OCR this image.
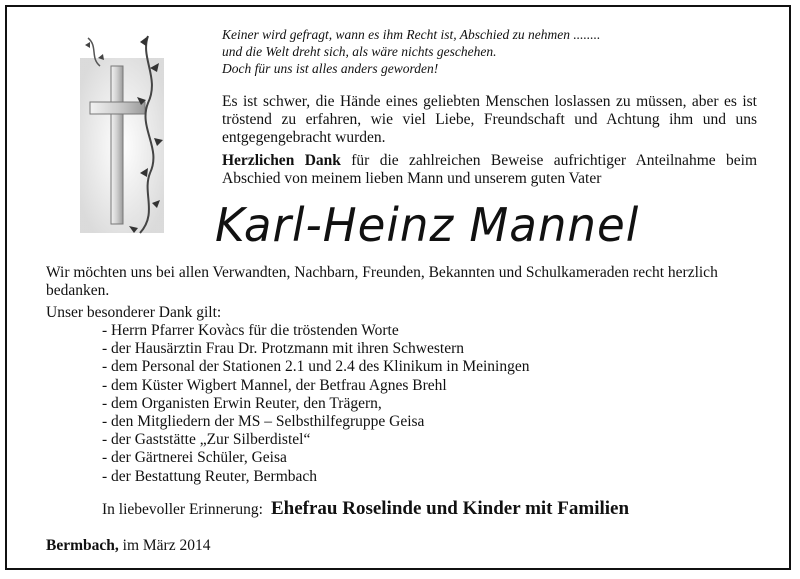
Keiner wird gefragt, wann es ihm Recht ist, Abschied zu nehmen ........
und die Welt dreht sich, als wäre nichts geschehen.
Doch für uns ist alles anders geworden!
Es ist schwer, die Hände eines geliebten Menschen loslassen zu müssen, aber es ist tröstend zu erfahren, wie viel Liebe, Freundschaft und Achtung ihm und uns entgegengebracht wurden.
Herzlichen Dank für die zahlreichen Beweise aufrichtiger Anteilnahme beim Abschied von meinem lieben Mann und unserem guten Vater
Karl-Heinz Mannel
Wir möchten uns bei allen Verwandten, Nachbarn, Freunden, Bekannten und Schulkameraden recht herzlich bedanken.
Unser besonderer Dank gilt:
- Herrn Pfarrer Kovàcs für die tröstenden Worte
- der Hausärztin Frau Dr. Protzmann mit ihren Schwestern
- dem Personal der Stationen 2.1 und 2.4 des Klinikum in Meiningen
- dem Küster Wigbert Mannel, der Betfrau Agnes Brehl
- dem Organisten Erwin Reuter, den Trägern,
- den Mitgliedern der MS – Selbsthilfegruppe Geisa
- der Gaststätte „Zur Silberdistel“
- der Gärtnerei Schüler, Geisa
- der Bestattung Reuter, Bermbach
In liebevoller Erinnerung: Ehefrau Roselinde und Kinder mit Familien
Bermbach, im März 2014
